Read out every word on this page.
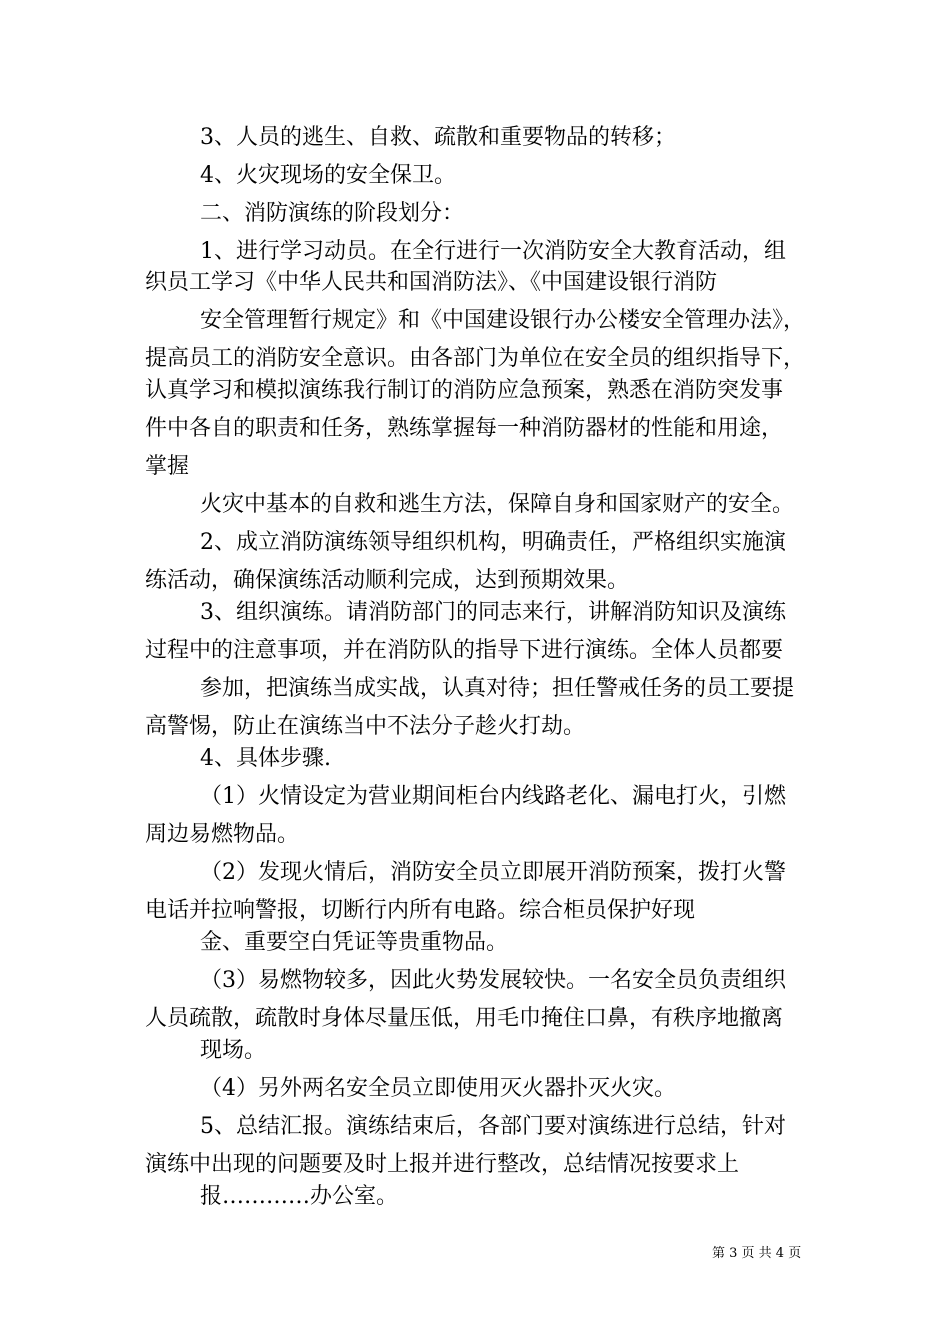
3、人员的逃生、自救、疏散和重要物品的转移；
4、火灾现场的安全保卫。
二、消防演练的阶段划分：
1、进行学习动员。在全行进行一次消防安全大教育活动，组
织员工学习《中华人民共和国消防法》、《中国建设银行消防
安全管理暂行规定》和《中国建设银行办公楼安全管理办法》，
提高员工的消防安全意识。由各部门为单位在安全员的组织指导下，
认真学习和模拟演练我行制订的消防应急预案，熟悉在消防突发事
件中各自的职责和任务，熟练掌握每一种消防器材的性能和用途，
掌握
火灾中基本的自救和逃生方法，保障自身和国家财产的安全。
2、成立消防演练领导组织机构，明确责任，严格组织实施演
练活动，确保演练活动顺利完成，达到预期效果。
3、组织演练。请消防部门的同志来行，讲解消防知识及演练
过程中的注意事项，并在消防队的指导下进行演练。全体人员都要
参加，把演练当成实战，认真对待；担任警戒任务的员工要提
高警惕，防止在演练当中不法分子趁火打劫。
4、具体步骤.
（1）火情设定为营业期间柜台内线路老化、漏电打火，引燃
周边易燃物品。
（2）发现火情后，消防安全员立即展开消防预案，拨打火警
电话并拉响警报，切断行内所有电路。综合柜员保护好现
金、重要空白凭证等贵重物品。
（3）易燃物较多，因此火势发展较快。一名安全员负责组织
人员疏散，疏散时身体尽量压低，用毛巾掩住口鼻，有秩序地撤离
现场。
（4）另外两名安全员立即使用灭火器扑灭火灾。
5、总结汇报。演练结束后，各部门要对演练进行总结，针对
演练中出现的问题要及时上报并进行整改，总结情况按要求上
报…………办公室。
第 3 页 共 4 页
